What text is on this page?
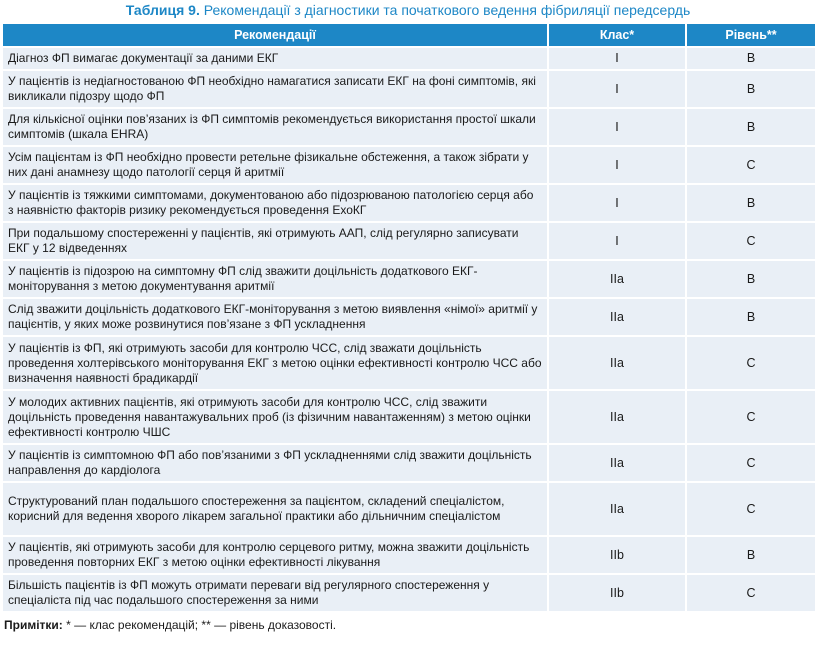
Таблиця 9. Рекомендації з діагностики та початкового ведення фібриляції передсердь
Рекомендації	Клас*	Рівень**
Діагноз ФП вимагає документації за даними ЕКГ	I	B
У пацієнтів із недіагностованою ФП необхідно намагатися записати ЕКГ на фоні симптомів, які викликали підозру щодо ФП	I	B
Для кількісної оцінки пов’язаних із ФП симптомів рекомендується використання простої шкали симптомів (шкала EHRA)	I	B
Усім пацієнтам із ФП необхідно провести ретельне фізикальне обстеження, а також зібрати у них дані анамнезу щодо патології серця й аритмії	I	C
У пацієнтів із тяжкими симптомами, документованою або підозрюваною патологією серця або з наявністю факторів ризику рекомендується проведення ЕхоКГ	I	B
При подальшому спостереженні у пацієнтів, які отримують ААП, слід регулярно записувати ЕКГ у 12 відведеннях	I	C
У пацієнтів із підозрою на симптомну ФП слід зважити доцільність додаткового ЕКГ-моніторування з метою документування аритмії	IIa	B
Слід зважити доцільність додаткового ЕКГ-моніторування з метою виявлення «німої» аритмії у пацієнтів, у яких може розвинутися пов’язане з ФП ускладнення	IIa	B
У пацієнтів із ФП, які отримують засоби для контролю ЧСС, слід зважати доцільність проведення холтерівського моніторування ЕКГ з метою оцінки ефективності контролю ЧСС або визначення наявності брадикардії	IIa	C
У молодих активних пацієнтів, які отримують засоби для контролю ЧСС, слід зважити доцільність проведення навантажувальних проб (із фізичним навантаженням) з метою оцінки ефективності контролю ЧШС	IIa	C
У пацієнтів із симптомною ФП або пов’язаними з ФП ускладненнями слід зважити доцільність направлення до кардіолога	IIa	C
Структурований план подальшого спостереження за пацієнтом, складений спеціалістом, корисний для ведення хворого лікарем загальної практики або дільничним спеціалістом	IIa	C
У пацієнтів, які отримують засоби для контролю серцевого ритму, можна зважити доцільність проведення повторних ЕКГ з метою оцінки ефективності лікування	IIb	B
Більшість пацієнтів із ФП можуть отримати переваги від регулярного спостереження у спеціаліста під час подальшого спостереження за ними	IIb	C
Примітки: * — клас рекомендацій; ** — рівень доказовості.
